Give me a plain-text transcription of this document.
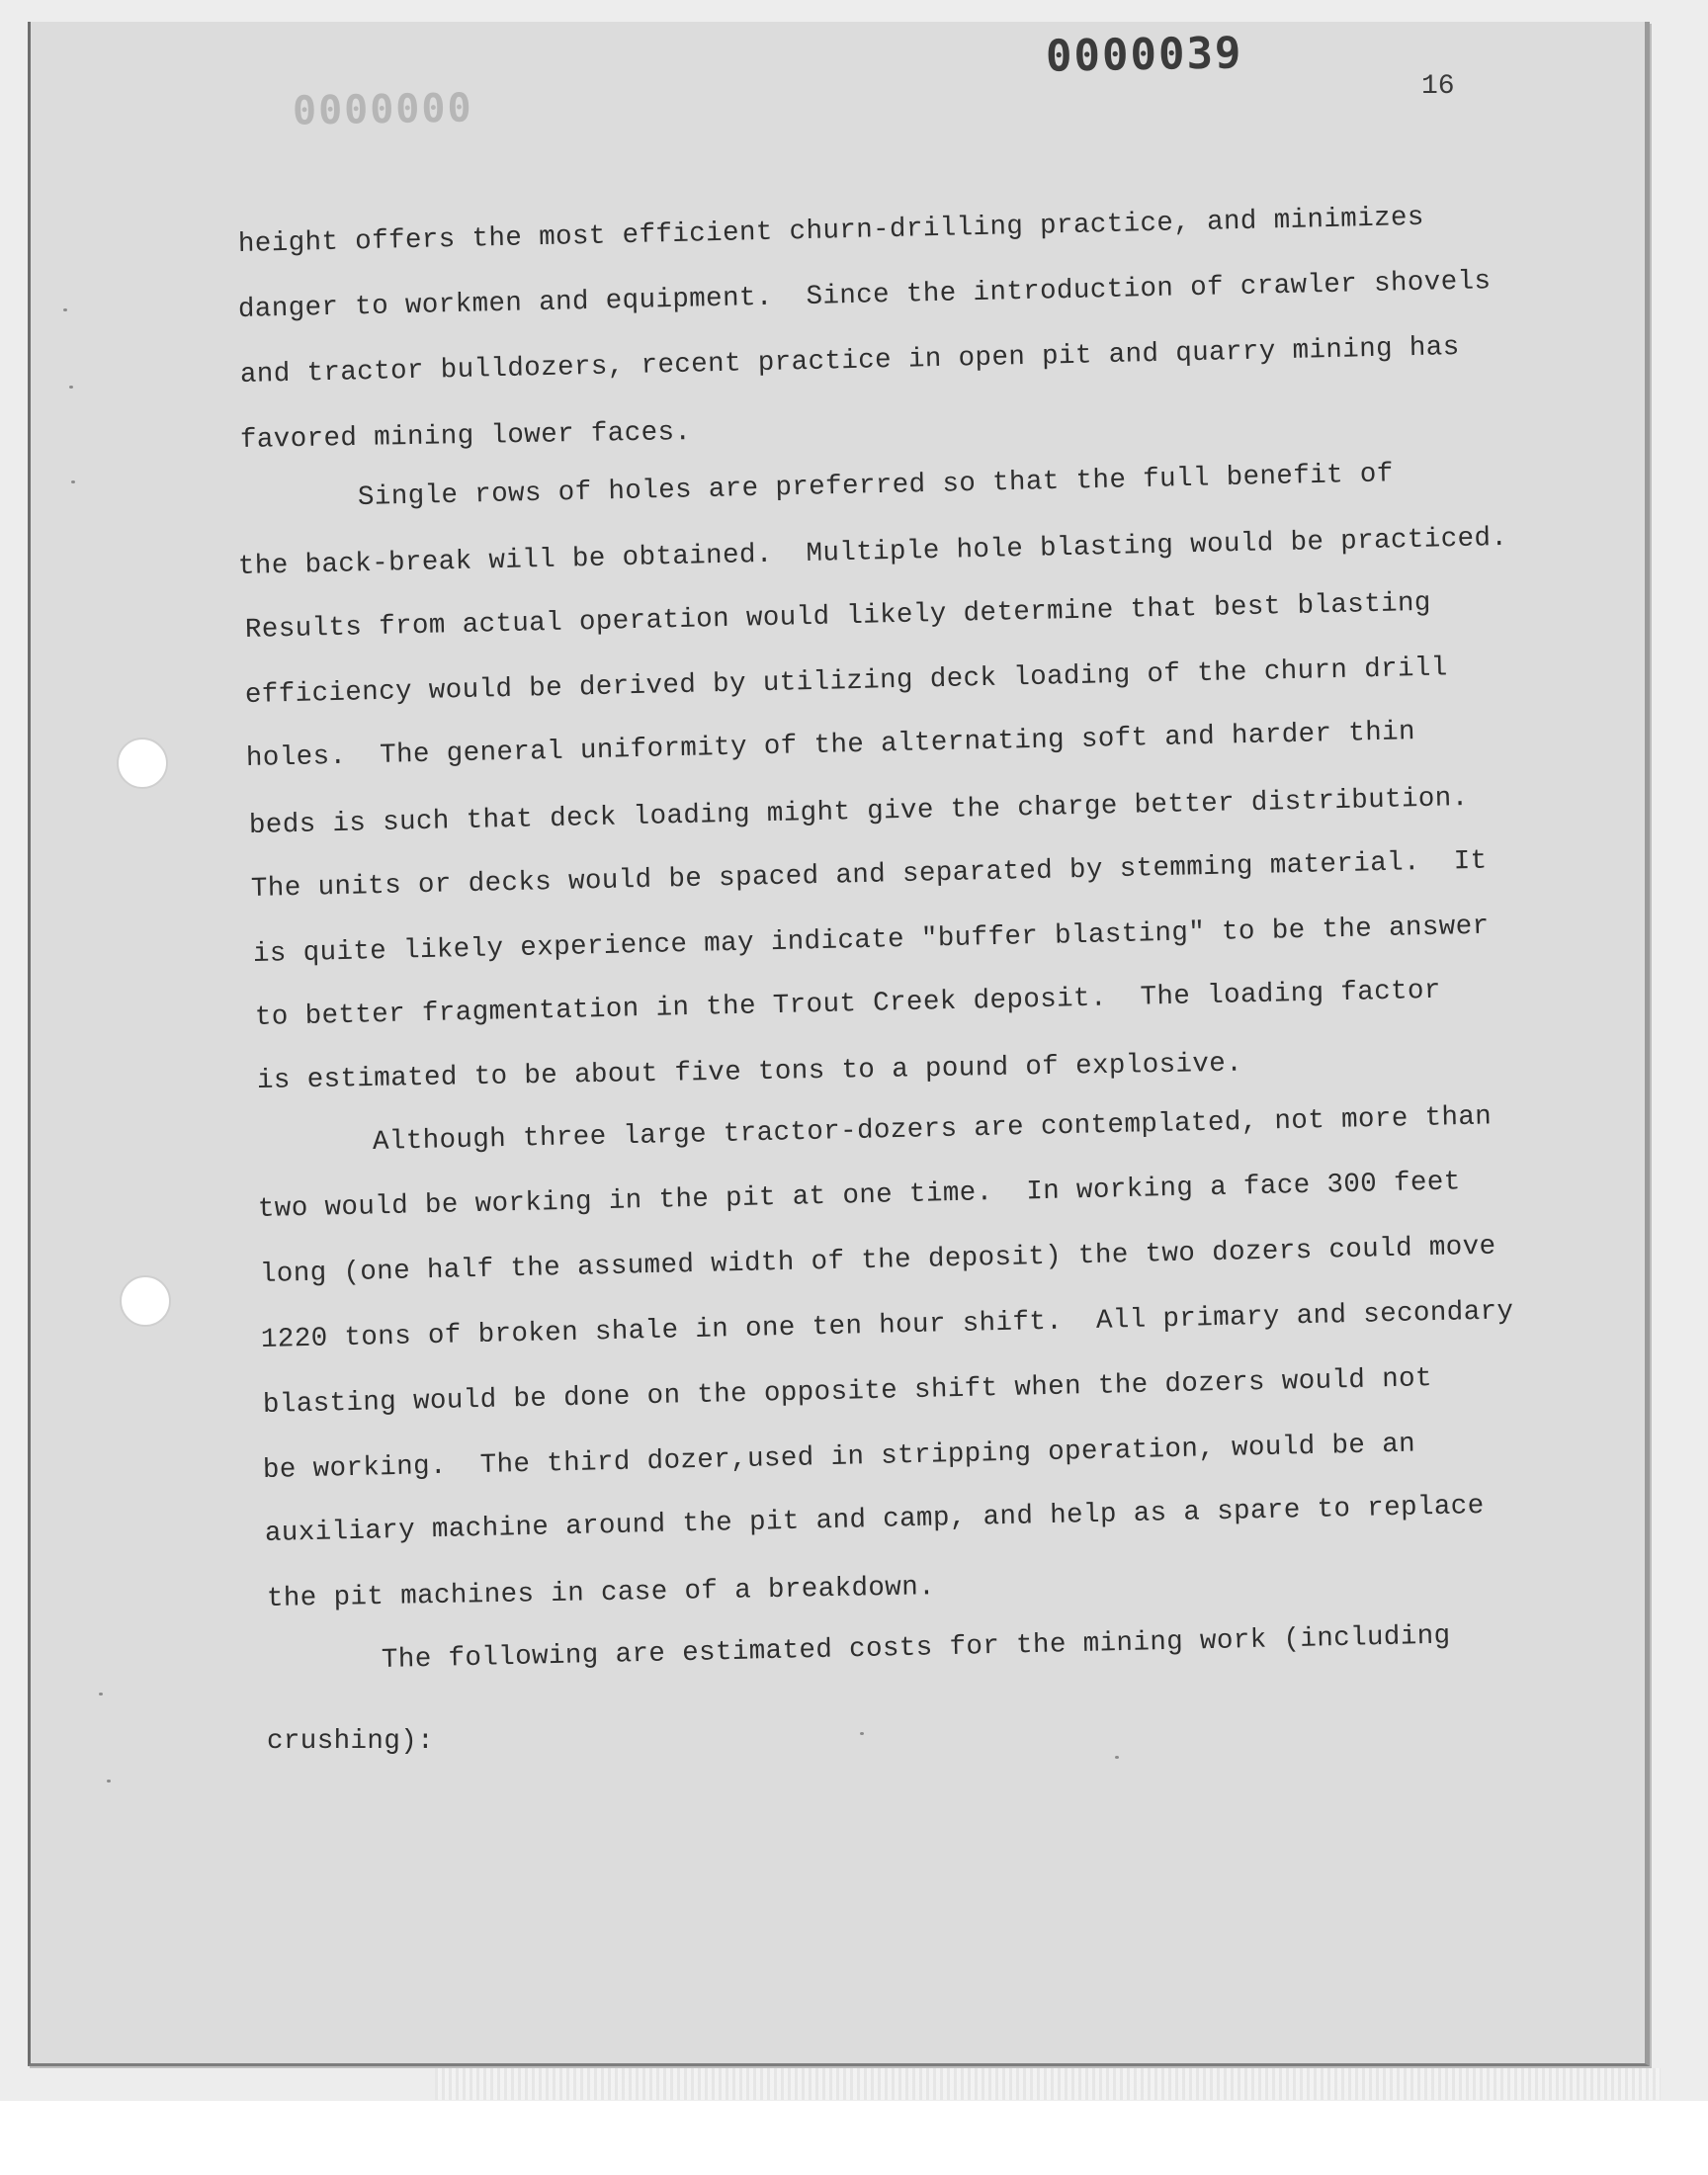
0000039
0000000	16
height offers the most efficient churn-drilling practice, and minimizes
danger to workmen and equipment.  Since the introduction of crawler shovels
and tractor bulldozers, recent practice in open pit and quarry mining has
favored mining lower faces.
Single rows of holes are preferred so that the full benefit of
the back-break will be obtained.  Multiple hole blasting would be practiced.
Results from actual operation would likely determine that best blasting
efficiency would be derived by utilizing deck loading of the churn drill
holes.  The general uniformity of the alternating soft and harder thin
beds is such that deck loading might give the charge better distribution.
The units or decks would be spaced and separated by stemming material.  It
is quite likely experience may indicate "buffer blasting" to be the answer
to better fragmentation in the Trout Creek deposit.  The loading factor
is estimated to be about five tons to a pound of explosive.
Although three large tractor-dozers are contemplated, not more than
two would be working in the pit at one time.  In working a face 300 feet
long (one half the assumed width of the deposit) the two dozers could move
1220 tons of broken shale in one ten hour shift.  All primary and secondary
blasting would be done on the opposite shift when the dozers would not
be working.  The third dozer,used in stripping operation, would be an
auxiliary machine around the pit and camp, and help as a spare to replace
the pit machines in case of a breakdown.
The following are estimated costs for the mining work (including
crushing):
